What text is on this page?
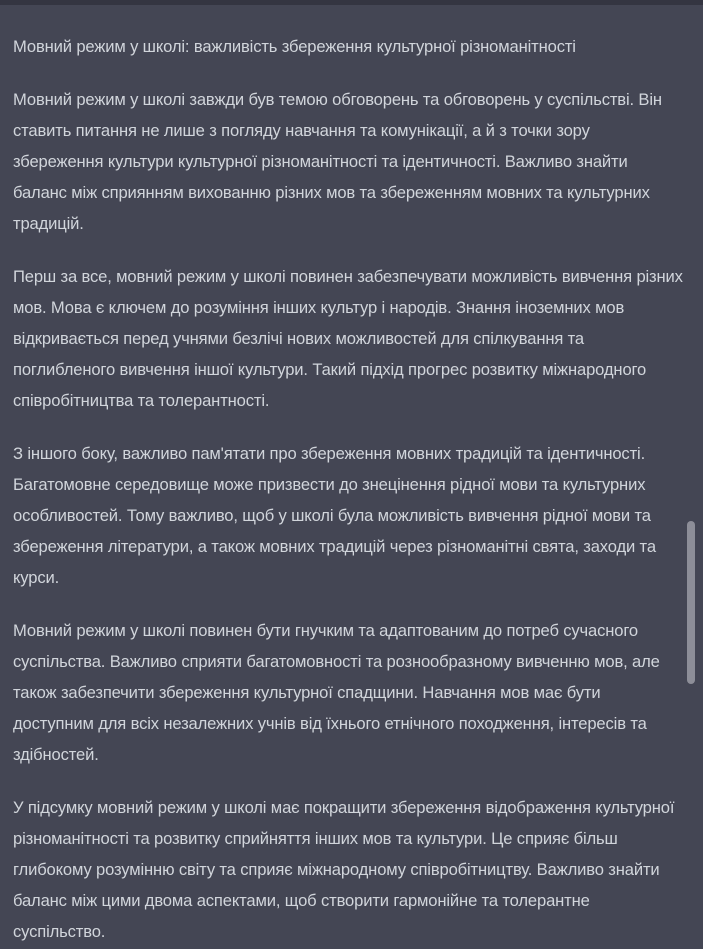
Мовний режим у школі: важливість збереження культурної різноманітності

Мовний режим у школі завжди був темою обговорень та обговорень у суспільстві. Він ставить питання не лише з погляду навчання та комунікації, а й з точки зору збереження культури культурної різноманітності та ідентичності. Важливо знайти баланс між сприянням вихованню різних мов та збереженням мовних та культурних традицій.

Перш за все, мовний режим у школі повинен забезпечувати можливість вивчення різних мов. Мова є ключем до розуміння інших культур і народів. Знання іноземних мов відкривається перед учнями безлічі нових можливостей для спілкування та поглибленого вивчення іншої культури. Такий підхід прогрес розвитку міжнародного співробітництва та толерантності.

З іншого боку, важливо пам'ятати про збереження мовних традицій та ідентичності. Багатомовне середовище може призвести до знецінення рідної мови та культурних особливостей. Тому важливо, щоб у школі була можливість вивчення рідної мови та збереження літератури, а також мовних традицій через різноманітні свята, заходи та курси.

Мовний режим у школі повинен бути гнучким та адаптованим до потреб сучасного суспільства. Важливо сприяти багатомовності та рознообразному вивченню мов, але також забезпечити збереження культурної спадщини. Навчання мов має бути доступним для всіх незалежних учнів від їхнього етнічного походження, інтересів та здібностей.

У підсумку мовний режим у школі має покращити збереження відображення культурної різноманітності та розвитку сприйняття інших мов та культури. Це сприяє більш глибокому розумінню світу та сприяє міжнародному співробітництву. Важливо знайти баланс між цими двома аспектами, щоб створити гармонійне та толерантне суспільство.
